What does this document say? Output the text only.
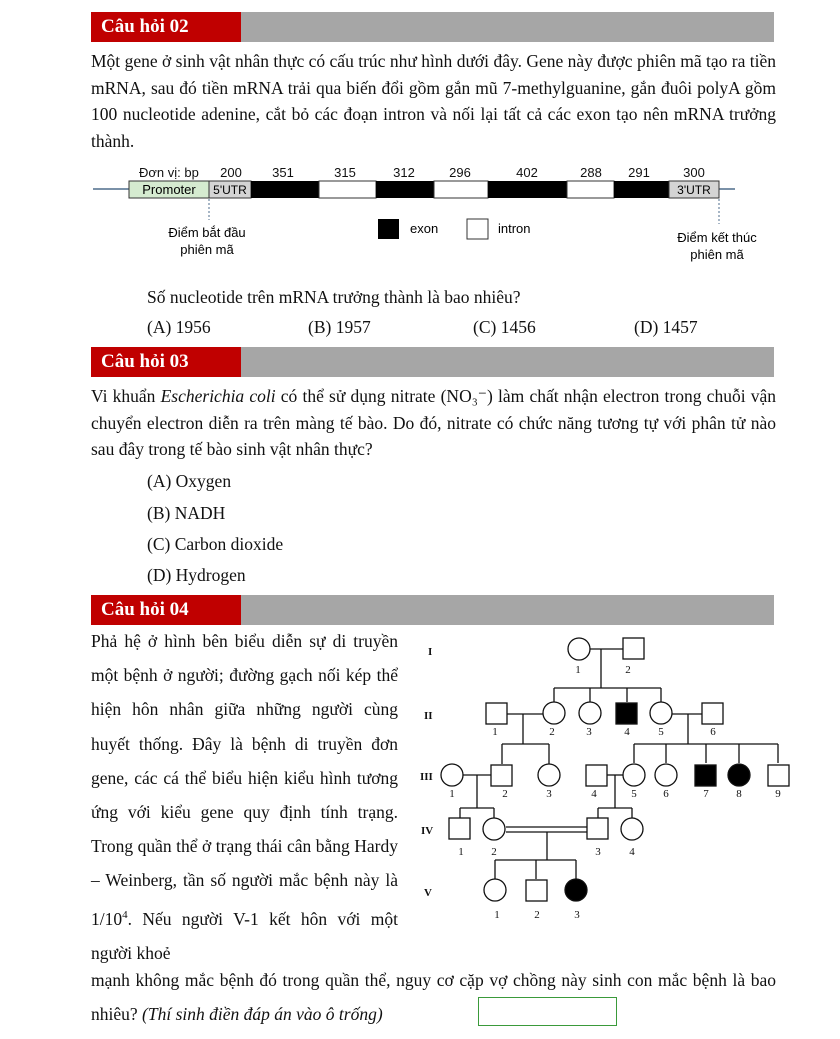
Câu hỏi 02
Một gene ở sinh vật nhân thực có cấu trúc như hình dưới đây. Gene này được phiên mã tạo ra tiền mRNA, sau đó tiền mRNA trải qua biến đổi gồm gắn mũ 7-methylguanine, gắn đuôi polyA gồm 100 nucleotide adenine, cắt bỏ các đoạn intron và nối lại tất cả các exon tạo nên mRNA trưởng thành.
Đơn vị: bp 200 351	315	312	296	402	288 291	300
Promoter 5'UTR	3'UTR
Điểm bắt đầu
phiên mã
Điểm kết thúc
phiên mã
exon	intron
Số nucleotide trên mRNA trưởng thành là bao nhiêu?
(A) 1956	(B) 1957	(C) 1456	(D) 1457
Câu hỏi 03
Vi khuẩn Escherichia coli có thể sử dụng nitrate (NO₃⁻) làm chất nhận electron trong chuỗi vận chuyển electron diễn ra trên màng tế bào. Do đó, nitrate có chức năng tương tự với phân tử nào sau đây trong tế bào sinh vật nhân thực?
(A) Oxygen
(B) NADH
(C) Carbon dioxide
(D) Hydrogen
Câu hỏi 04
Phả hệ ở hình bên biểu diễn sự di truyền một bệnh ở người; đường gạch nối kép thể hiện hôn nhân giữa những người cùng huyết thống. Đây là bệnh di truyền đơn gene, các cá thể biểu hiện kiểu hình tương ứng với kiểu gene quy định tính trạng. Trong quần thể ở trạng thái cân bằng Hardy – Weinberg, tần số người mắc bệnh này là $1/10^4$. Nếu người V-1 kết hôn với một người khoẻ
mạnh không mắc bệnh đó trong quần thể, nguy cơ cặp vợ chồng này sinh con mắc bệnh là bao nhiêu? (Thí sinh điền đáp án vào ô trống)
I
II
III
IV
V
1	2
1	2	3	4	5	6
1	2	3	4	5 6	7	8	9
1	2	3	4
1	2	3
